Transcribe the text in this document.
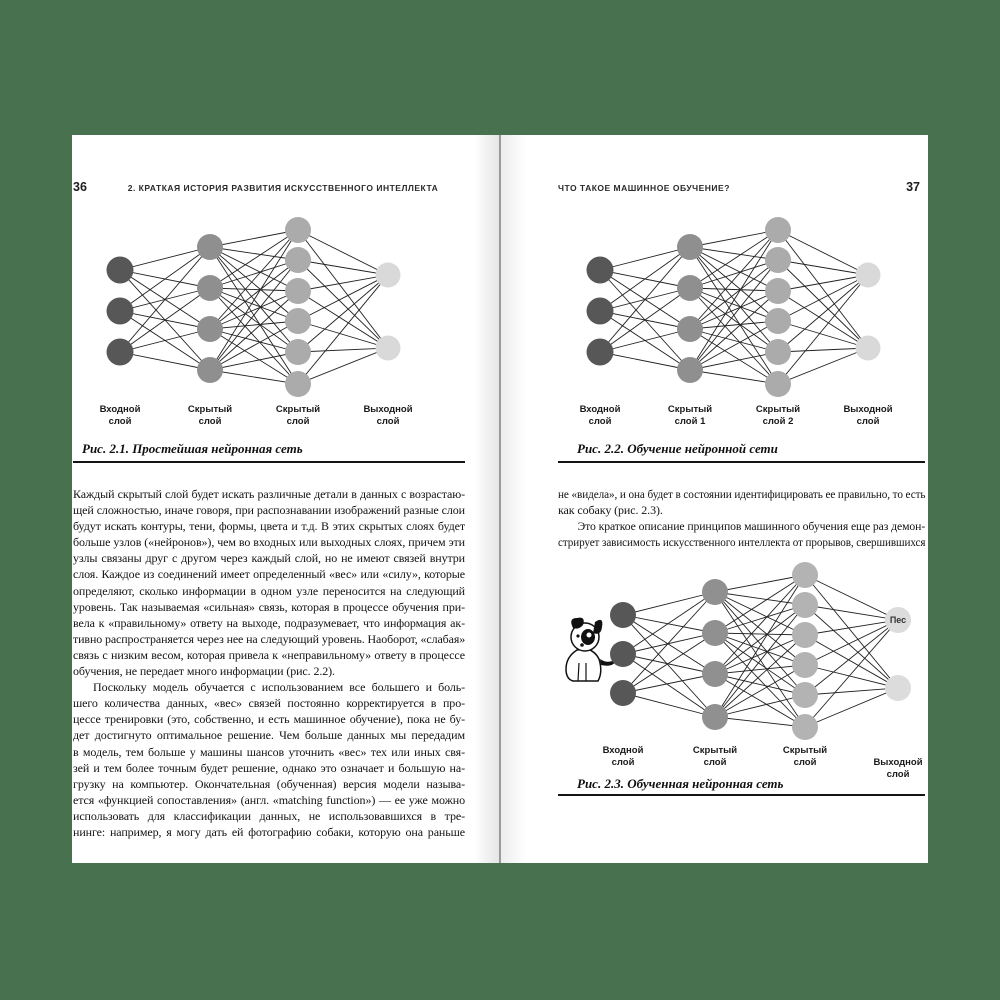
36	2. КРАТКАЯ ИСТОРИЯ РАЗВИТИЯ ИСКУССТВЕННОГО ИНТЕЛЛЕКТА
Входной слой
Скрытый слой
Скрытый слой
Выходной слой
Рис. 2.1. Простейшая нейронная сеть
Каждый скрытый слой будет искать различные детали в данных с возрастаю-
щей сложностью, иначе говоря, при распознавании изображений разные слои
будут искать контуры, тени, формы, цвета и т.д. В этих скрытых слоях будет
больше узлов («нейронов»), чем во входных или выходных слоях, причем эти
узлы связаны друг с другом через каждый слой, но не имеют связей внутри
слоя. Каждое из соединений имеет определенный «вес» или «силу», которые
определяют, сколько информации в одном узле переносится на следующий
уровень. Так называемая «сильная» связь, которая в процессе обучения при-
вела к «правильному» ответу на выходе, подразумевает, что информация ак-
тивно распространяется через нее на следующий уровень. Наоборот, «слабая»
связь с низким весом, которая привела к «неправильному» ответу в процессе
обучения, не передает много информации (рис. 2.2).
Поскольку модель обучается с использованием все большего и боль-
шего количества данных, «вес» связей постоянно корректируется в про-
цессе тренировки (это, собственно, и есть машинное обучение), пока не бу-
дет достигнуто оптимальное решение. Чем больше данных мы передадим
в модель, тем больше у машины шансов уточнить «вес» тех или иных свя-
зей и тем более точным будет решение, однако это означает и большую на-
грузку на компьютер. Окончательная (обученная) версия модели называ-
ется «функцией сопоставления» (англ. «matching function») — ее уже можно
использовать для классификации данных, не использовавшихся в тре-
нинге: например, я могу дать ей фотографию собаки, которую она раньше
ЧТО ТАКОЕ МАШИННОЕ ОБУЧЕНИЕ?	37
Входной слой
Скрытый слой 1
Скрытый слой 2
Выходной слой
Рис. 2.2. Обучение нейронной сети
не «видела», и она будет в состоянии идентифицировать ее правильно, то есть
как собаку (рис. 2.3).
Это краткое описание принципов машинного обучения еще раз демон-
стрирует зависимость искусственного интеллекта от прорывов, свершившихся
Входной слой
Скрытый слой
Скрытый слой	Выходной слой
Пес
Рис. 2.3. Обученная нейронная сеть
